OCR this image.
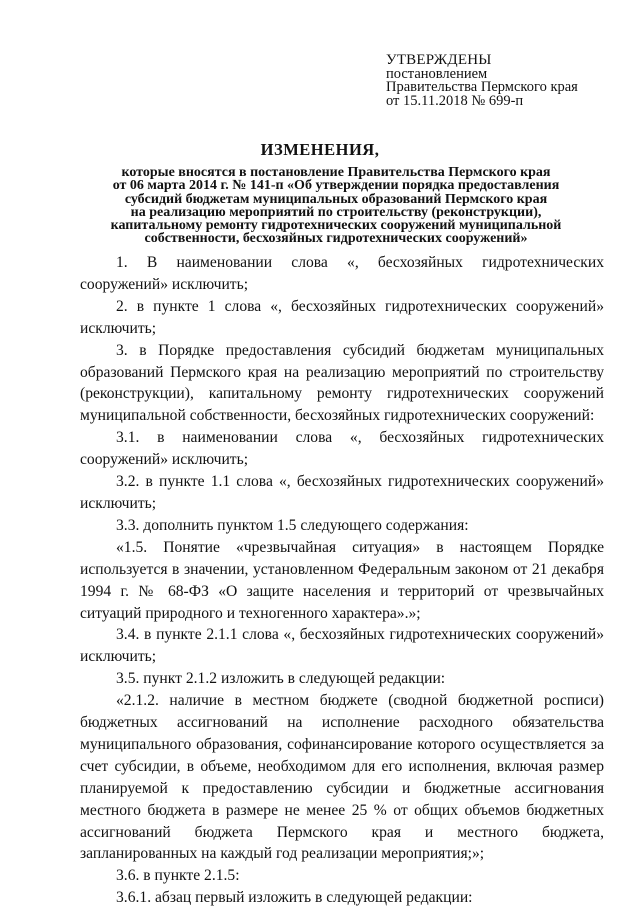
УТВЕРЖДЕНЫ
постановлением
Правительства Пермского края
от 15.11.2018 № 699-п
ИЗМЕНЕНИЯ,
которые вносятся в постановление Правительства Пермского края
от 06 марта 2014 г. № 141-п «Об утверждении порядка предоставления
субсидий бюджетам муниципальных образований Пермского края
на реализацию мероприятий по строительству (реконструкции),
капитальному ремонту гидротехнических сооружений муниципальной
собственности, бесхозяйных гидротехнических сооружений»

1. В наименовании слова «, бесхозяйных гидротехнических сооружений» исключить;

2. в пункте 1 слова «, бесхозяйных гидротехнических сооружений» исключить;

3. в Порядке предоставления субсидий бюджетам муниципальных образований Пермского края на реализацию мероприятий по строительству (реконструкции), капитальному ремонту гидротехнических сооружений муниципальной собственности, бесхозяйных гидротехнических сооружений:

3.1. в наименовании слова «, бесхозяйных гидротехнических сооружений» исключить;

3.2. в пункте 1.1 слова «, бесхозяйных гидротехнических сооружений» исключить;

3.3. дополнить пунктом 1.5 следующего содержания:

«1.5. Понятие «чрезвычайная ситуация» в настоящем Порядке используется в значении, установленном Федеральным законом от 21 декабря 1994 г. № 68-ФЗ «О защите населения и территорий от чрезвычайных ситуаций природного и техногенного характера».»;

3.4. в пункте 2.1.1 слова «, бесхозяйных гидротехнических сооружений» исключить;

3.5. пункт 2.1.2 изложить в следующей редакции:

«2.1.2. наличие в местном бюджете (сводной бюджетной росписи) бюджетных ассигнований на исполнение расходного обязательства муниципального образования, софинансирование которого осуществляется за счет субсидии, в объеме, необходимом для его исполнения, включая размер планируемой к предоставлению субсидии и бюджетные ассигнования местного бюджета в размере не менее 25 % от общих объемов бюджетных ассигнований бюджета Пермского края и местного бюджета, запланированных на каждый год реализации мероприятия;»;

3.6. в пункте 2.1.5:

3.6.1. абзац первый изложить в следующей редакции:
